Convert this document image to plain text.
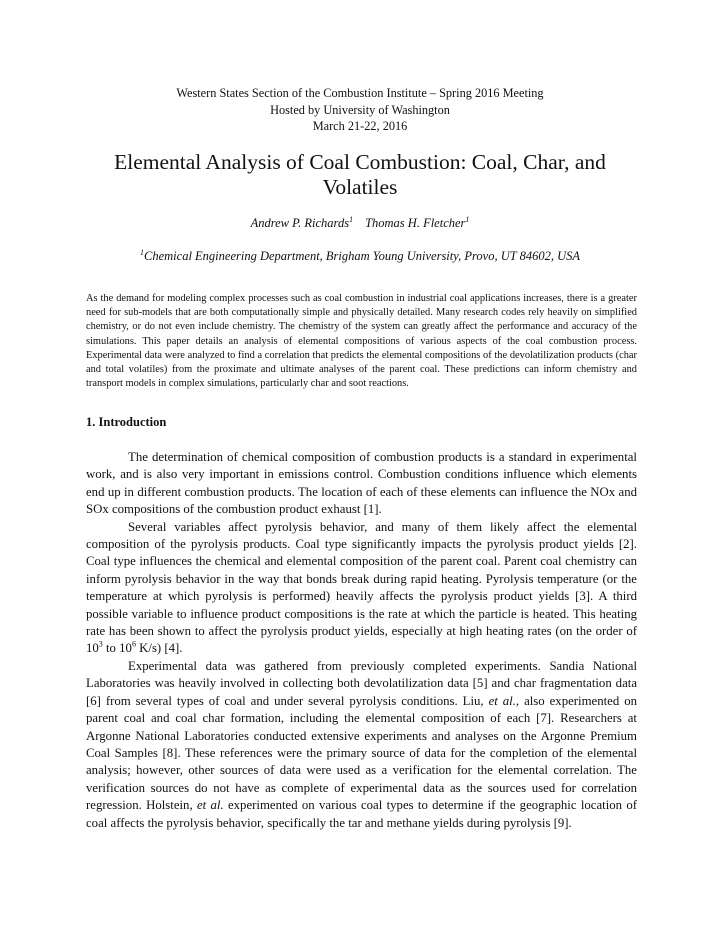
Western States Section of the Combustion Institute – Spring 2016 Meeting
Hosted by University of Washington
March 21-22, 2016
Elemental Analysis of Coal Combustion: Coal, Char, and
Volatiles
Andrew P. Richards$^1$ Thomas H. Fletcher$^1$
$^1$Chemical Engineering Department, Brigham Young University, Provo, UT 84602, USA
As the demand for modeling complex processes such as coal combustion in industrial coal applications increases, there is a greater need for sub-models that are both computationally simple and physically detailed. Many research codes rely heavily on simplified chemistry, or do not even include chemistry. The chemistry of the system can greatly affect the performance and accuracy of the simulations. This paper details an analysis of elemental compositions of various aspects of the coal combustion process. Experimental data were analyzed to find a correlation that predicts the elemental compositions of the devolatilization products (char and total volatiles) from the proximate and ultimate analyses of the parent coal. These predictions can inform chemistry and transport models in complex simulations, particularly char and soot reactions.
1. Introduction

The determination of chemical composition of combustion products is a standard in experimental work, and is also very important in emissions control. Combustion conditions influence which elements end up in different combustion products. The location of each of these elements can influence the NOx and SOx compositions of the combustion product exhaust [1].

Several variables affect pyrolysis behavior, and many of them likely affect the elemental composition of the pyrolysis products. Coal type significantly impacts the pyrolysis product yields [2]. Coal type influences the chemical and elemental composition of the parent coal. Parent coal chemistry can inform pyrolysis behavior in the way that bonds break during rapid heating. Pyrolysis temperature (or the temperature at which pyrolysis is performed) heavily affects the pyrolysis product yields [3]. A third possible variable to influence product compositions is the rate at which the particle is heated. This heating rate has been shown to affect the pyrolysis product yields, especially at high heating rates (on the order of $10^3$ to $10^6$ K/s) [4].

Experimental data was gathered from previously completed experiments. Sandia National Laboratories was heavily involved in collecting both devolatilization data [5] and char fragmentation data [6] from several types of coal and under several pyrolysis conditions. Liu, et al., also experimented on parent coal and coal char formation, including the elemental composition of each [7]. Researchers at Argonne National Laboratories conducted extensive experiments and analyses on the Argonne Premium Coal Samples [8]. These references were the primary source of data for the completion of the elemental analysis; however, other sources of data were used as a verification for the elemental correlation. The verification sources do not have as complete of experimental data as the sources used for correlation regression. Holstein, et al. experimented on various coal types to determine if the geographic location of coal affects the pyrolysis behavior, specifically the tar and methane yields during pyrolysis [9].
